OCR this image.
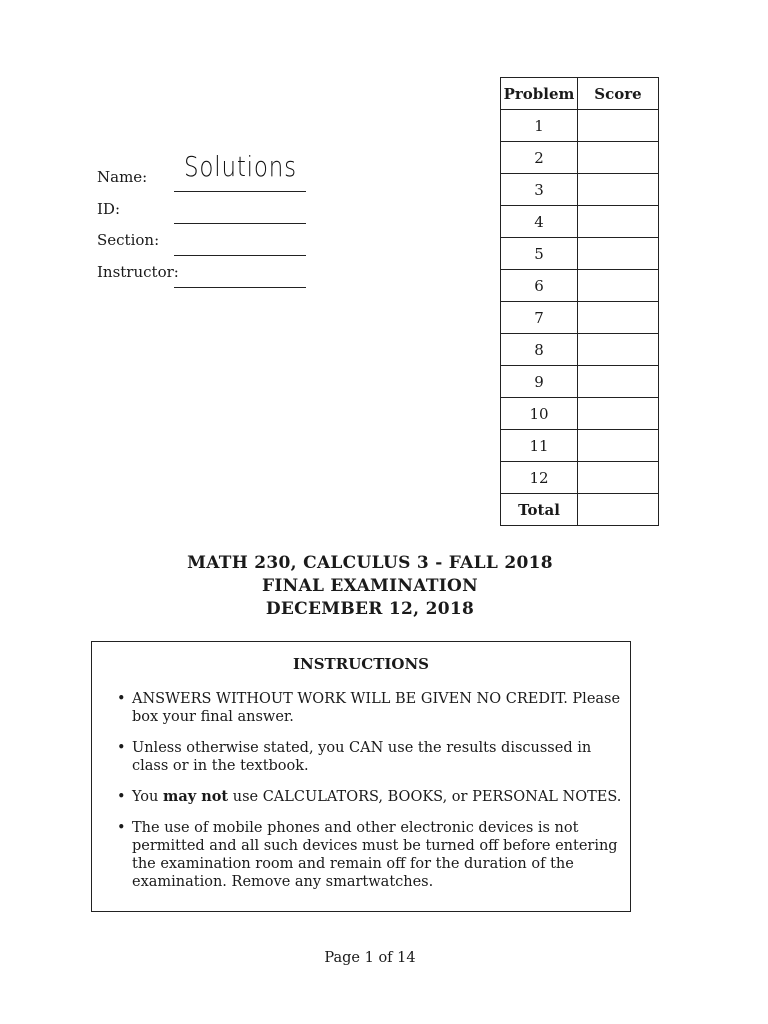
Name: Solutions
ID:
Section:
Instructor:
Problem	Score
1	
2	
3	
4	
5	
6	
7	
8	
9	
10	
11	
12	
Total	
MATH 230, CALCULUS 3 - FALL 2018
FINAL EXAMINATION
DECEMBER 12, 2018
INSTRUCTIONS
• ANSWERS WITHOUT WORK WILL BE GIVEN NO CREDIT. Please box your final answer.
• Unless otherwise stated, you CAN use the results discussed in class or in the textbook.
• You may not use CALCULATORS, BOOKS, or PERSONAL NOTES.
• The use of mobile phones and other electronic devices is not permitted and all such devices must be turned off before entering the examination room and remain off for the duration of the examination. Remove any smartwatches.
Page 1 of 14
